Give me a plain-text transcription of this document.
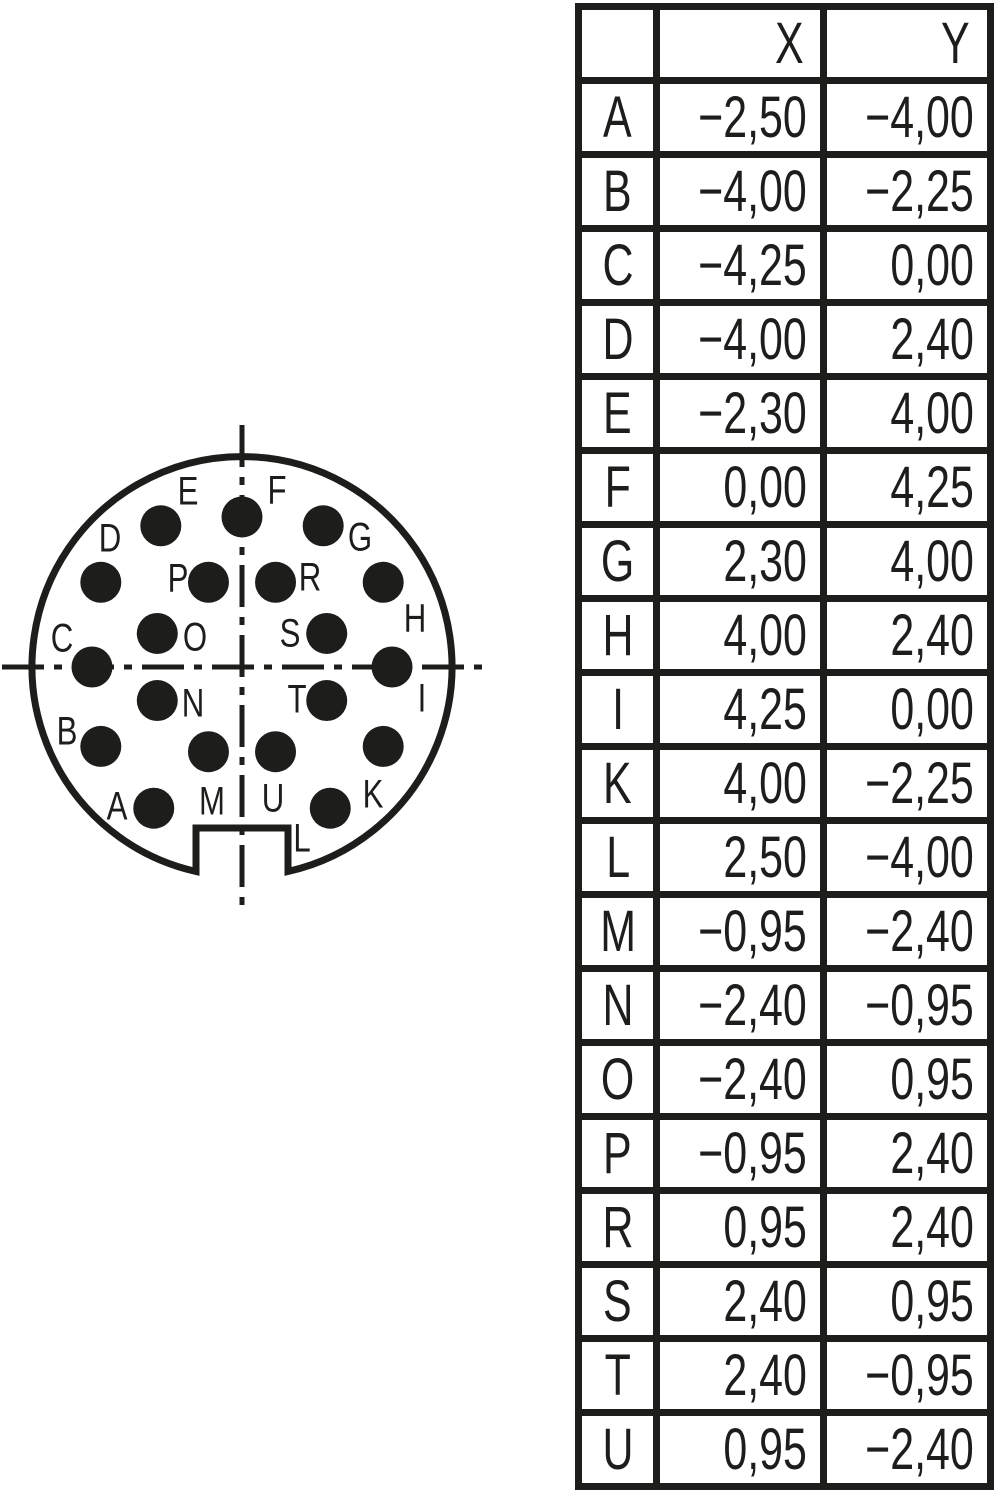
A
B
C
D
E F
G
H
I
K
L
M
N
O
P	R
S
T
U
	X	Y
A	−2,50	−4,00
B	−4,00	−2,25
C	−4,25	0,00
D	−4,00	2,40
E	−2,30	4,00
F	0,00	4,25
G	2,30	4,00
H	4,00	2,40
I	4,25	0,00
K	4,00	−2,25
L	2,50	−4,00
M	−0,95	−2,40
N	−2,40	−0,95
O	−2,40	0,95
P	−0,95	2,40
R	0,95	2,40
S	2,40	0,95
T	2,40	−0,95
U	0,95	−2,40
